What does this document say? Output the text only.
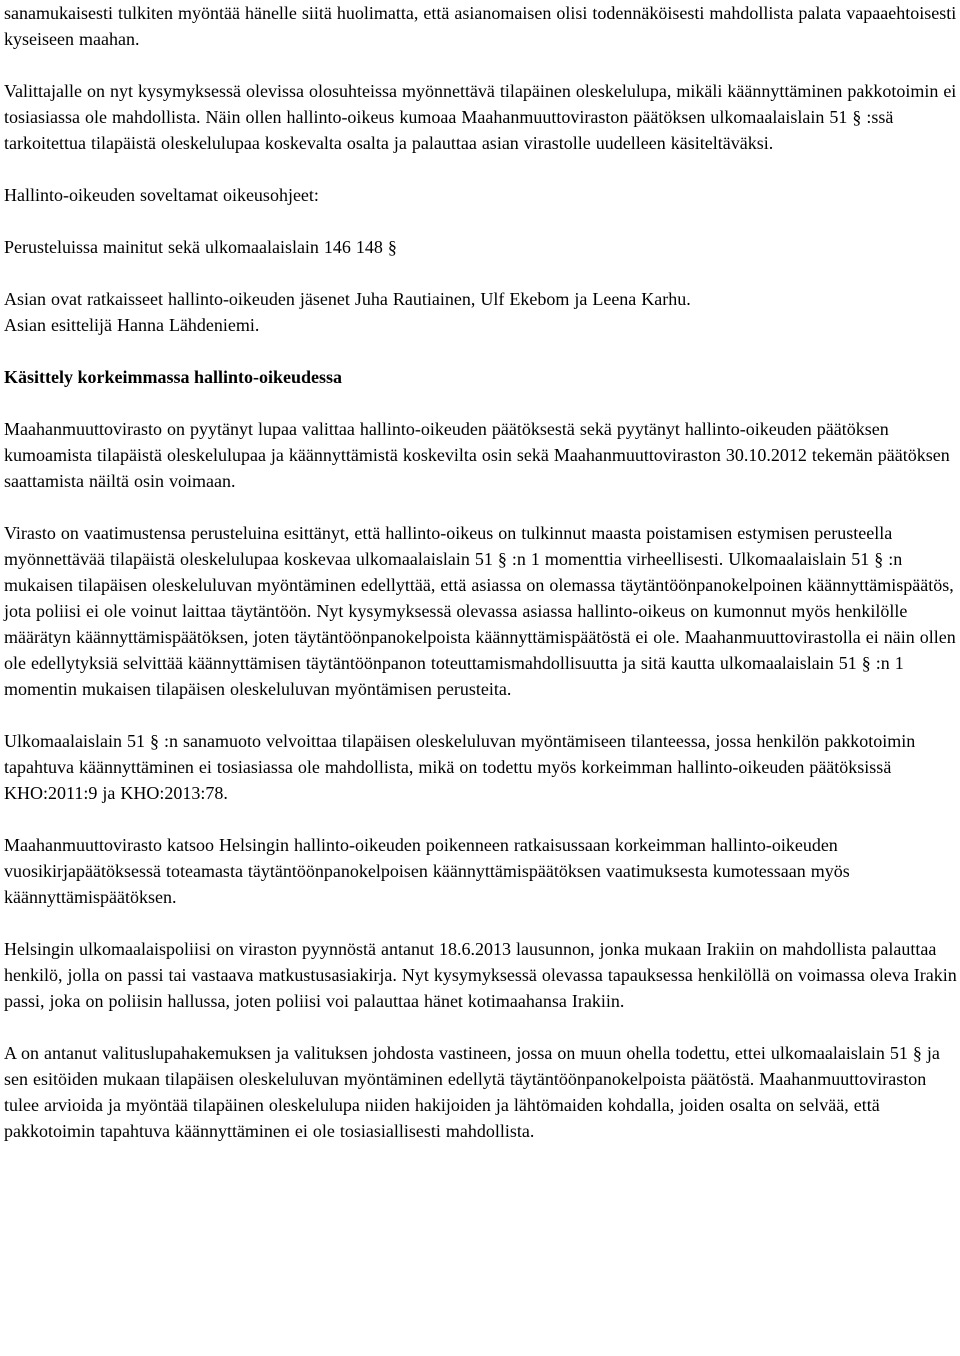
sanamukaisesti tulkiten myöntää hänelle siitä huolimatta, että asianomaisen olisi todennäköisesti mahdollista palata vapaaehtoisesti kyseiseen maahan.

Valittajalle on nyt kysymyksessä olevissa olosuhteissa myönnettävä tilapäinen oleskelulupa, mikäli käännyttäminen pakkotoimin ei tosiasiassa ole mahdollista. Näin ollen hallinto-oikeus kumoaa Maahanmuuttoviraston päätöksen ulkomaalaislain 51 § :ssä tarkoitettua tilapäistä oleskelulupaa koskevalta osalta ja palauttaa asian virastolle uudelleen käsiteltäväksi.

Hallinto-oikeuden soveltamat oikeusohjeet:

Perusteluissa mainitut sekä ulkomaalaislain 146 148 §

Asian ovat ratkaisseet hallinto-oikeuden jäsenet Juha Rautiainen, Ulf Ekebom ja Leena Karhu.

Asian esittelijä Hanna Lähdeniemi.

Käsittely korkeimmassa hallinto-oikeudessa

Maahanmuuttovirasto on pyytänyt lupaa valittaa hallinto-oikeuden päätöksestä sekä pyytänyt hallinto-oikeuden päätöksen kumoamista tilapäistä oleskelulupaa ja käännyttämistä koskevilta osin sekä Maahanmuuttoviraston 30.10.2012 tekemän päätöksen saattamista näiltä osin voimaan.

Virasto on vaatimustensa perusteluina esittänyt, että hallinto-oikeus on tulkinnut maasta poistamisen estymisen perusteella myönnettävää tilapäistä oleskelulupaa koskevaa ulkomaalaislain 51 § :n 1 momenttia virheellisesti. Ulkomaalaislain 51 § :n mukaisen tilapäisen oleskeluluvan myöntäminen edellyttää, että asiassa on olemassa täytäntöönpanokelpoinen käännyttämispäätös, jota poliisi ei ole voinut laittaa täytäntöön. Nyt kysymyksessä olevassa asiassa hallinto-oikeus on kumonnut myös henkilölle määrätyn käännyttämispäätöksen, joten täytäntöönpanokelpoista käännyttämispäätöstä ei ole. Maahanmuuttovirastolla ei näin ollen ole edellytyksiä selvittää käännyttämisen täytäntöönpanon toteuttamismahdollisuutta ja sitä kautta ulkomaalaislain 51 § :n 1 momentin mukaisen tilapäisen oleskeluluvan myöntämisen perusteita.

Ulkomaalaislain 51 § :n sanamuoto velvoittaa tilapäisen oleskeluluvan myöntämiseen tilanteessa, jossa henkilön pakkotoimin tapahtuva käännyttäminen ei tosiasiassa ole mahdollista, mikä on todettu myös korkeimman hallinto-oikeuden päätöksissä KHO:2011:9 ja KHO:2013:78.

Maahanmuuttovirasto katsoo Helsingin hallinto-oikeuden poikenneen ratkaisussaan korkeimman hallinto-oikeuden vuosikirjapäätöksessä toteamasta täytäntöönpanokelpoisen käännyttämispäätöksen vaatimuksesta kumotessaan myös käännyttämispäätöksen.

Helsingin ulkomaalaispoliisi on viraston pyynnöstä antanut 18.6.2013 lausunnon, jonka mukaan Irakiin on mahdollista palauttaa henkilö, jolla on passi tai vastaava matkustusasiakirja. Nyt kysymyksessä olevassa tapauksessa henkilöllä on voimassa oleva Irakin passi, joka on poliisin hallussa, joten poliisi voi palauttaa hänet kotimaahansa Irakiin.

A on antanut valituslupahakemuksen ja valituksen johdosta vastineen, jossa on muun ohella todettu, ettei ulkomaalaislain 51 § ja sen esitöiden mukaan tilapäisen oleskeluluvan myöntäminen edellytä täytäntöönpanokelpoista päätöstä. Maahanmuuttoviraston tulee arvioida ja myöntää tilapäinen oleskelulupa niiden hakijoiden ja lähtömaiden kohdalla, joiden osalta on selvää, että pakkotoimin tapahtuva käännyttäminen ei ole tosiasiallisesti mahdollista.
